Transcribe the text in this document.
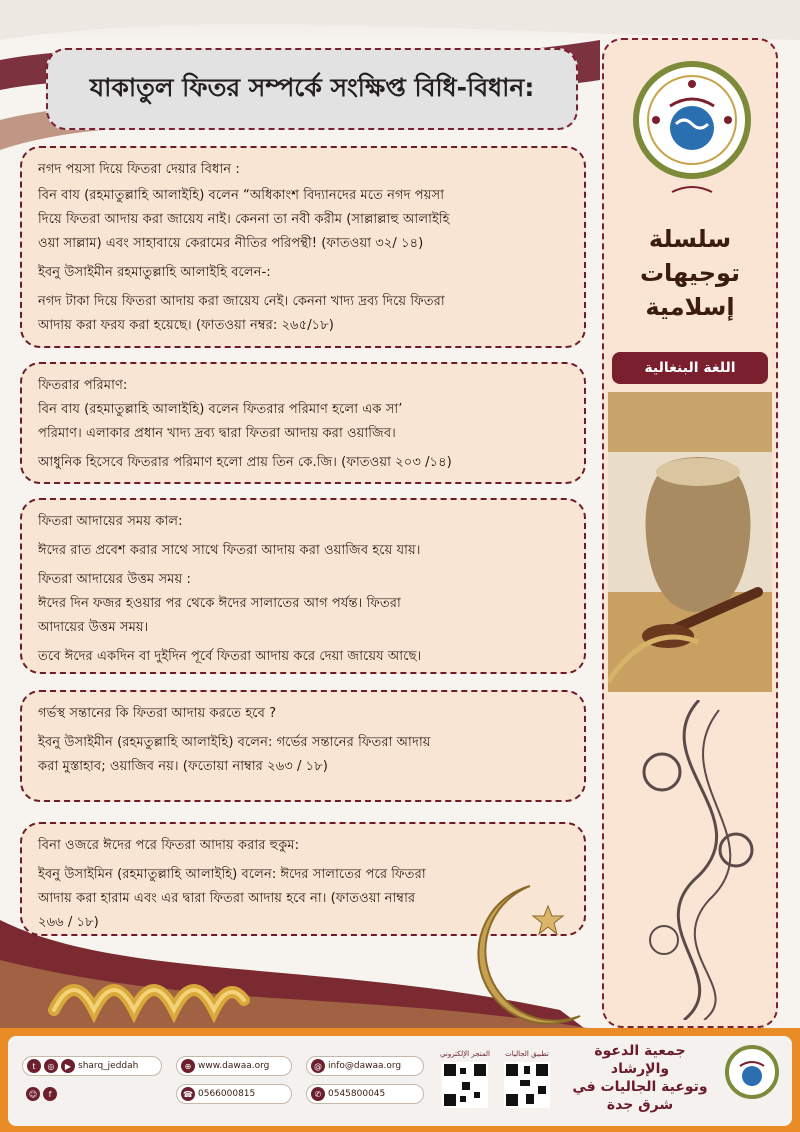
যাকাতুল ফিতর সম্পর্কে সংক্ষিপ্ত বিধি-বিধান:

নগদ পয়সা দিয়ে ফিতরা দেয়ার বিধান :

বিন বায (রহমাতুল্লাহি আলাইহি) বলেন “অধিকাংশ বিদ্যানদের মতে নগদ পয়সা

দিয়ে ফিতরা আদায় করা জায়েয নাই। কেননা তা নবী করীম (সাল্লাল্লাহু আলাইহি

ওয়া সাল্লাম) এবং সাহাবায়ে কেরামের নীতির পরিপন্থী! (ফাতওয়া ৩২/ ১৪)

ইবনু উসাইমীন রহমাতুল্লাহি আলাইহি বলেন-:

নগদ টাকা দিয়ে ফিতরা আদায় করা জায়েয নেই। কেননা খাদ্য দ্রব্য দিয়ে ফিতরা

আদায় করা ফরয করা হয়েছে। (ফাতওয়া নম্বর: ২৬৫/১৮)

ফিতরার পরিমাণ:

বিন বায (রহমাতুল্লাহি আলাইহি) বলেন ফিতরার পরিমাণ হলো এক সা’

পরিমাণ। এলাকার প্রধান খাদ্য দ্রব্য দ্বারা ফিতরা আদায় করা ওয়াজিব।

আধুনিক হিসেবে ফিতরার পরিমাণ হলো প্রায় তিন কে.জি। (ফাতওয়া ২০৩ /১৪)

ফিতরা আদায়ের সময় কাল:

ঈদের রাত প্রবেশ করার সাথে সাথে ফিতরা আদায় করা ওয়াজিব হয়ে যায়।

ফিতরা আদায়ের উত্তম সময় :

ঈদের দিন ফজর হওয়ার পর থেকে ঈদের সালাতের আগ পর্যন্ত। ফিতরা

আদায়ের উত্তম সময়।

তবে ঈদের একদিন বা দুইদিন পূর্বে ফিতরা আদায় করে দেয়া জায়েয আছে।

গর্ভস্থ সন্তানের কি ফিতরা আদায় করতে হবে ?

ইবনু উসাইমীন (রহমতুল্লাহি আলাইহি) বলেন: গর্ভের সন্তানের ফিতরা আদায়

করা মুস্তাহাব; ওয়াজিব নয়। (ফতোয়া নাম্বার ২৬৩ / ১৮)

বিনা ওজরে ঈদের পরে ফিতরা আদায় করার হুকুম:

ইবনু উসাইমিন (রহমাতুল্লাহি আলাইহি) বলেন: ঈদের সালাতের পরে ফিতরা

আদায় করা হারাম এবং এর দ্বারা ফিতরা আদায় হবে না। (ফাতওয়া নাম্বার

২৬৬ / ১৮)

سلسلة
توجيهات
إسلامية
اللغة البنغالية
t	◎	▶ sharq_jeddah
☺	f
⊕ www.dawaa.org
☎ 0566000815
@ info@dawaa.org
✆ 0545800045
المتجر الإلكتروني	تطبيق الجاليات	جمعية الدعوة والإرشاد
وتوعية الجاليات في شرق جدة
